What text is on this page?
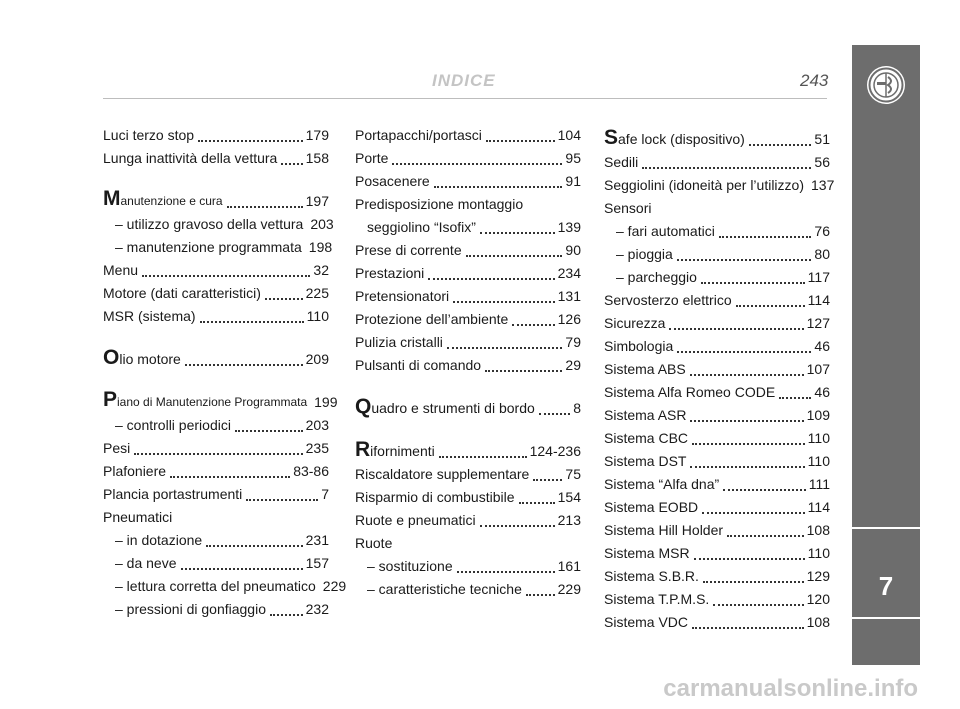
INDICE	243
7
Luci terzo stop	179
Lunga inattività della vettura 158
Manutenzione e cura	197
– utilizzo gravoso della vettura 203
– manutenzione programmata 198
Menu	32
Motore (dati caratteristici)	225
MSR (sistema)	110
Olio motore	209
Piano di Manutenzione Programmata 199
– controlli periodici	203
Pesi	235
Plafoniere	83-86
Plancia portastrumenti	7
Pneumatici
– in dotazione	231
– da neve	157
– lettura corretta del pneumatico 229
– pressioni di gonfiaggio	232
Portapacchi/portasci	104
Porte	95
Posacenere	91
Predisposizione montaggio
seggiolino “Isofix”	139
Prese di corrente	90
Prestazioni	234
Pretensionatori	131
Protezione dell’ambiente	126
Pulizia cristalli	79
Pulsanti di comando	29
Quadro e strumenti di bordo	8
Rifornimenti	124-236
Riscaldatore supplementare	75
Risparmio di combustibile	154
Ruote e pneumatici	213
Ruote
– sostituzione	161
– caratteristiche tecniche	229
Safe lock (dispositivo)	51
Sedili	56
Seggiolini (idoneità per l’utilizzo) 137
Sensori
– fari automatici	76
– pioggia	80
– parcheggio	117
Servosterzo elettrico	114
Sicurezza	127
Simbologia	46
Sistema ABS	107
Sistema Alfa Romeo CODE	46
Sistema ASR	109
Sistema CBC	110
Sistema DST	110
Sistema “Alfa dna”	111
Sistema EOBD	114
Sistema Hill Holder	108
Sistema MSR	110
Sistema S.B.R.	129
Sistema T.P.M.S.	120
Sistema VDC	108
carmanualsonline.info
